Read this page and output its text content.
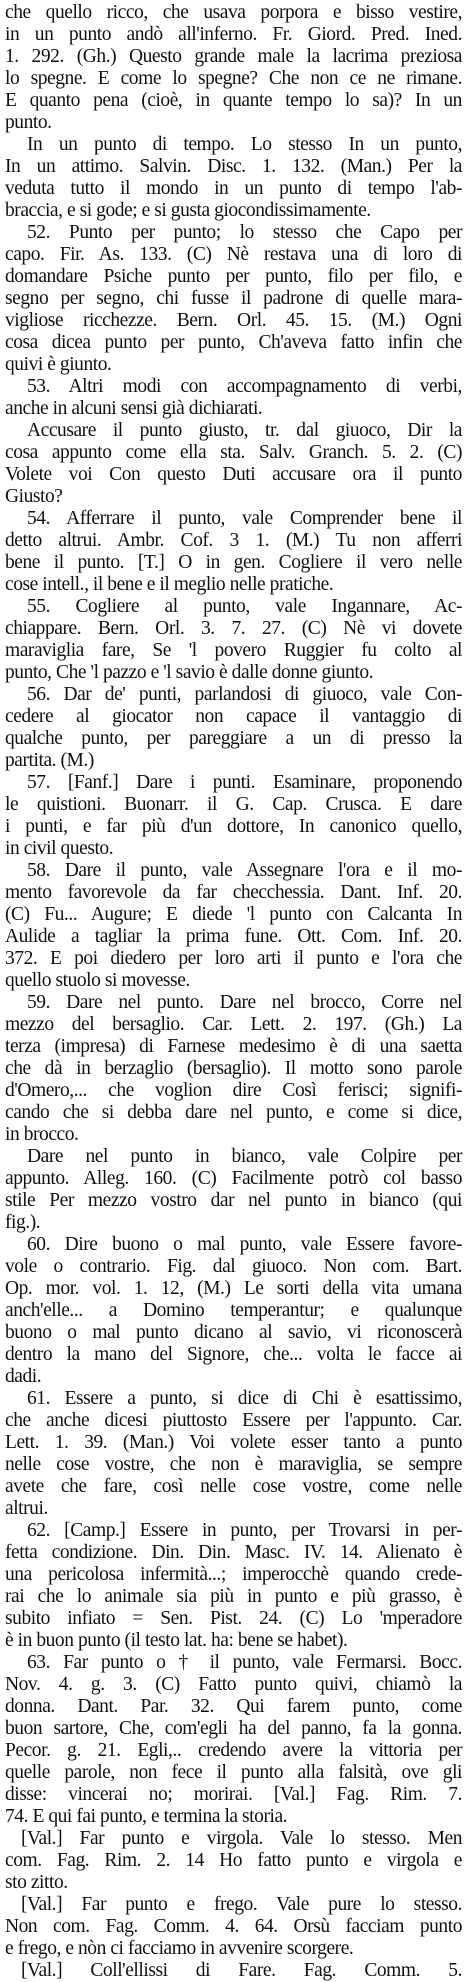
che quello ricco, che usava porpora e bisso vestire,
in un punto andò all'inferno. Fr. Giord. Pred. Ined.
1. 292. (Gh.) Questo grande male la lacrima preziosa
lo spegne. E come lo spegne? Che non ce ne rimane.
E quanto pena (cioè, in quante tempo lo sa)? In un
punto.
In un punto di tempo. Lo stesso In un punto,
In un attimo. Salvin. Disc. 1. 132. (Man.) Per la
veduta tutto il mondo in un punto di tempo l'ab-
braccia, e si gode; e si gusta giocondissimamente.
52. Punto per punto; lo stesso che Capo per
capo. Fir. As. 133. (C) Nè restava una di loro di
domandare Psiche punto per punto, filo per filo, e
segno per segno, chi fusse il padrone di quelle mara-
vigliose ricchezze. Bern. Orl. 45. 15. (M.) Ogni
cosa dicea punto per punto, Ch'aveva fatto infin che
quivi è giunto.
53. Altri modi con accompagnamento di verbi,
anche in alcuni sensi già dichiarati.
Accusare il punto giusto, tr. dal giuoco, Dir la
cosa appunto come ella sta. Salv. Granch. 5. 2. (C)
Volete voi Con questo Duti accusare ora il punto
Giusto?
54. Afferrare il punto, vale Comprender bene il
detto altrui. Ambr. Cof. 3 1. (M.) Tu non afferri
bene il punto. [T.] O in gen. Cogliere il vero nelle
cose intell., il bene e il meglio nelle pratiche.
55. Cogliere al punto, vale Ingannare, Ac-
chiappare. Bern. Orl. 3. 7. 27. (C) Nè vi dovete
maraviglia fare, Se 'l povero Ruggier fu colto al
punto, Che 'l pazzo e 'l savio è dalle donne giunto.
56. Dar de' punti, parlandosi di giuoco, vale Con-
cedere al giocator non capace il vantaggio di
qualche punto, per pareggiare a un di presso la
partita. (M.)
57. [Fanf.] Dare i punti. Esaminare, proponendo
le quistioni. Buonarr. il G. Cap. Crusca. E dare
i punti, e far più d'un dottore, In canonico quello,
in civil questo.
58. Dare il punto, vale Assegnare l'ora e il mo-
mento favorevole da far checchessia. Dant. Inf. 20.
(C) Fu... Augure; E diede 'l punto con Calcanta In
Aulide a tagliar la prima fune. Ott. Com. Inf. 20.
372. E poi diedero per loro arti il punto e l'ora che
quello stuolo si movesse.
59. Dare nel punto. Dare nel brocco, Corre nel
mezzo del bersaglio. Car. Lett. 2. 197. (Gh.) La
terza (impresa) di Farnese medesimo è di una saetta
che dà in berzaglio (bersaglio). Il motto sono parole
d'Omero,... che voglion dire Così ferisci; signifi-
cando che si debba dare nel punto, e come si dice,
in brocco.
Dare nel punto in bianco, vale Colpire per
appunto. Alleg. 160. (C) Facilmente potrò col basso
stile Per mezzo vostro dar nel punto in bianco (qui
fig.).
60. Dire buono o mal punto, vale Essere favore-
vole o contrario. Fig. dal giuoco. Non com. Bart.
Op. mor. vol. 1. 12, (M.) Le sorti della vita umana
anch'elle... a Domino temperantur; e qualunque
buono o mal punto dicano al savio, vi riconoscerà
dentro la mano del Signore, che... volta le facce ai
dadi.
61. Essere a punto, si dice di Chi è esattissimo,
che anche dicesi piuttosto Essere per l'appunto. Car.
Lett. 1. 39. (Man.) Voi volete esser tanto a punto
nelle cose vostre, che non è maraviglia, se sempre
avete che fare, così nelle cose vostre, come nelle
altrui.
62. [Camp.] Essere in punto, per Trovarsi in per-
fetta condizione. Din. Din. Masc. IV. 14. Alienato è
una pericolosa infermità...; imperocchè quando crede-
rai che lo animale sia più in punto e più grasso, è
subito infiato = Sen. Pist. 24. (C) Lo 'mperadore
è in buon punto (il testo lat. ha: bene se habet).
63. Far punto o † il punto, vale Fermarsi. Bocc.
Nov. 4. g. 3. (C) Fatto punto quivi, chiamò la
donna. Dant. Par. 32. Qui farem punto, come
buon sartore, Che, com'egli ha del panno, fa la gonna.
Pecor. g. 21. Egli,.. credendo avere la vittoria per
quelle parole, non fece il punto alla falsità, ove gli
disse: vincerai no; morirai. [Val.] Fag. Rim. 7.
74. E qui fai punto, e termina la storia.
[Val.] Far punto e virgola. Vale lo stesso. Men
com. Fag. Rim. 2. 14 Ho fatto punto e virgola e
sto zitto.
[Val.] Far punto e frego. Vale pure lo stesso.
Non com. Fag. Comm. 4. 64. Orsù facciam punto
e frego, e nòn ci facciamo in avvenire scorgere.
[Val.] Coll'ellissi di Fare. Fag. Comm. 5.
